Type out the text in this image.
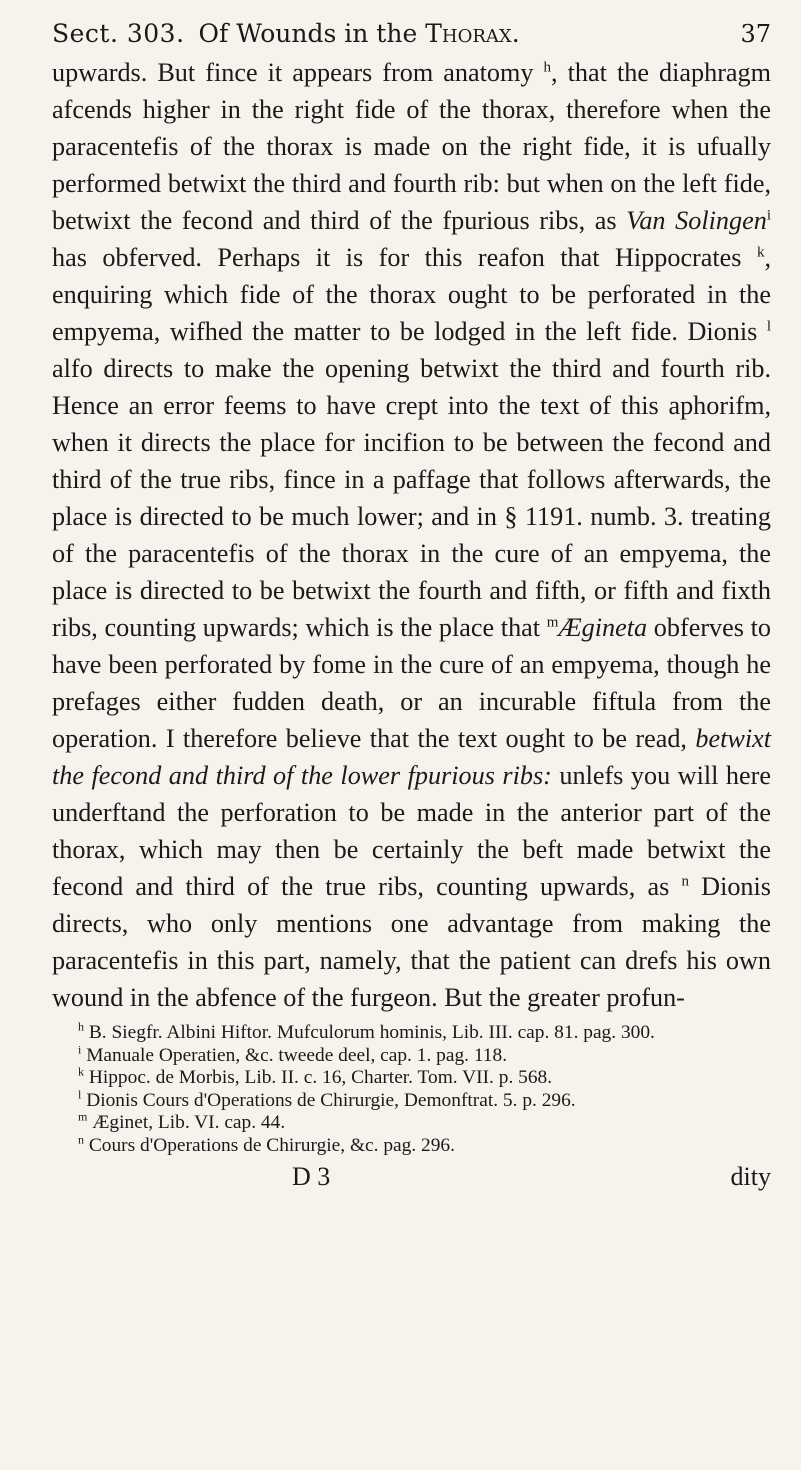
Sect. 303. Of Wounds in the Thorax.	37

upwards. But fince it appears from anatomy $^h$, that the diaphragm afcends higher in the right fide of the thorax, therefore when the paracentefis of the thorax is made on the right fide, it is ufually performed betwixt the third and fourth rib: but when on the left fide, betwixt the fecond and third of the fpurious ribs, as Van Solingen$^i$ has obferved. Perhaps it is for this reafon that Hippocrates $^k$, enquiring which fide of the thorax ought to be perforated in the empyema, wifhed the matter to be lodged in the left fide. Dionis $^l$ alfo directs to make the opening betwixt the third and fourth rib. Hence an error feems to have crept into the text of this aphorifm, when it directs the place for incifion to be between the fecond and third of the true ribs, fince in a paffage that follows afterwards, the place is directed to be much lower; and in § 1191. numb. 3. treating of the paracentefis of the thorax in the cure of an empyema, the place is directed to be betwixt the fourth and fifth, or fifth and fixth ribs, counting upwards; which is the place that $^m$Ægineta obferves to have been perforated by fome in the cure of an empyema, though he prefages either fudden death, or an incurable fiftula from the operation. I therefore believe that the text ought to be read, betwixt the fecond and third of the lower fpurious ribs: unlefs you will here underftand the perforation to be made in the anterior part of the thorax, which may then be certainly the beft made betwixt the fecond and third of the true ribs, counting upwards, as $^n$ Dionis directs, who only mentions one advantage from making the paracentefis in this part, namely, that the patient can drefs his own wound in the abfence of the furgeon. But the greater profun-

$^h$ B. Siegfr. Albini Hiftor. Mufculorum hominis, Lib. III. cap. 81. pag. 300.
$^i$ Manuale Operatien, &c. tweede deel, cap. 1. pag. 118.
$^k$ Hippoc. de Morbis, Lib. II. c. 16, Charter. Tom. VII. p. 568.
$^l$ Dionis Cours d'Operations de Chirurgie, Demonftrat. 5. p. 296.
$^m$ Æginet, Lib. VI. cap. 44.
$^n$ Cours d'Operations de Chirurgie, &c. pag. 296.
D 3	dity
